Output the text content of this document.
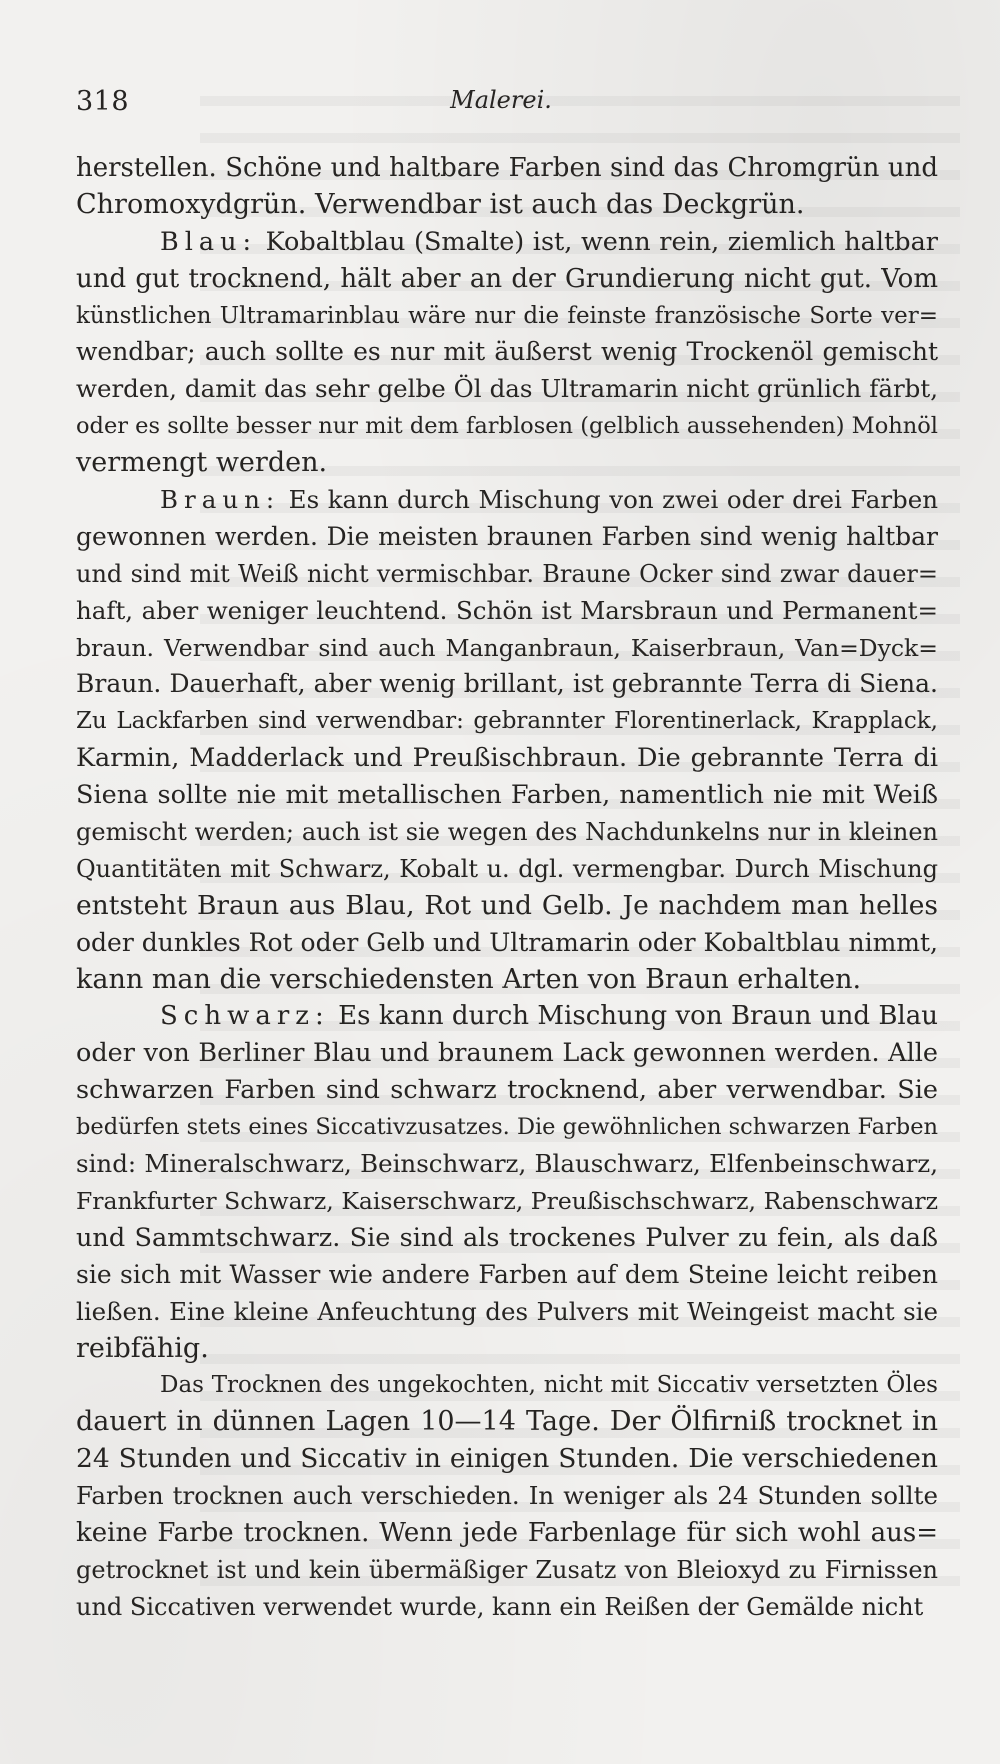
318	Malerei.
herstellen. Schöne und haltbare Farben sind das Chromgrün und
Chromoxydgrün. Verwendbar ist auch das Deckgrün.
Blau: Kobaltblau (Smalte) ist, wenn rein, ziemlich haltbar
und gut trocknend, hält aber an der Grundierung nicht gut. Vom
künstlichen Ultramarinblau wäre nur die feinste französische Sorte ver=
wendbar; auch sollte es nur mit äußerst wenig Trockenöl gemischt
werden, damit das sehr gelbe Öl das Ultramarin nicht grünlich färbt,
oder es sollte besser nur mit dem farblosen (gelblich aussehenden) Mohnöl
vermengt werden.
Braun: Es kann durch Mischung von zwei oder drei Farben
gewonnen werden. Die meisten braunen Farben sind wenig haltbar
und sind mit Weiß nicht vermischbar. Braune Ocker sind zwar dauer=
haft, aber weniger leuchtend. Schön ist Marsbraun und Permanent=
braun. Verwendbar sind auch Manganbraun, Kaiserbraun, Van=Dyck=
Braun. Dauerhaft, aber wenig brillant, ist gebrannte Terra di Siena.
Zu Lackfarben sind verwendbar: gebrannter Florentinerlack, Krapplack,
Karmin, Madderlack und Preußischbraun. Die gebrannte Terra di
Siena sollte nie mit metallischen Farben, namentlich nie mit Weiß
gemischt werden; auch ist sie wegen des Nachdunkelns nur in kleinen
Quantitäten mit Schwarz, Kobalt u. dgl. vermengbar. Durch Mischung
entsteht Braun aus Blau, Rot und Gelb. Je nachdem man helles
oder dunkles Rot oder Gelb und Ultramarin oder Kobaltblau nimmt,
kann man die verschiedensten Arten von Braun erhalten.
Schwarz: Es kann durch Mischung von Braun und Blau
oder von Berliner Blau und braunem Lack gewonnen werden. Alle
schwarzen Farben sind schwarz trocknend, aber verwendbar. Sie
bedürfen stets eines Siccativzusatzes. Die gewöhnlichen schwarzen Farben
sind: Mineralschwarz, Beinschwarz, Blauschwarz, Elfenbeinschwarz,
Frankfurter Schwarz, Kaiserschwarz, Preußischschwarz, Rabenschwarz
und Sammtschwarz. Sie sind als trockenes Pulver zu fein, als daß
sie sich mit Wasser wie andere Farben auf dem Steine leicht reiben
ließen. Eine kleine Anfeuchtung des Pulvers mit Weingeist macht sie
reibfähig.
Das Trocknen des ungekochten, nicht mit Siccativ versetzten Öles
dauert in dünnen Lagen 10—14 Tage. Der Ölfirniß trocknet in
24 Stunden und Siccativ in einigen Stunden. Die verschiedenen
Farben trocknen auch verschieden. In weniger als 24 Stunden sollte
keine Farbe trocknen. Wenn jede Farbenlage für sich wohl aus=
getrocknet ist und kein übermäßiger Zusatz von Bleioxyd zu Firnissen
und Siccativen verwendet wurde, kann ein Reißen der Gemälde nicht
